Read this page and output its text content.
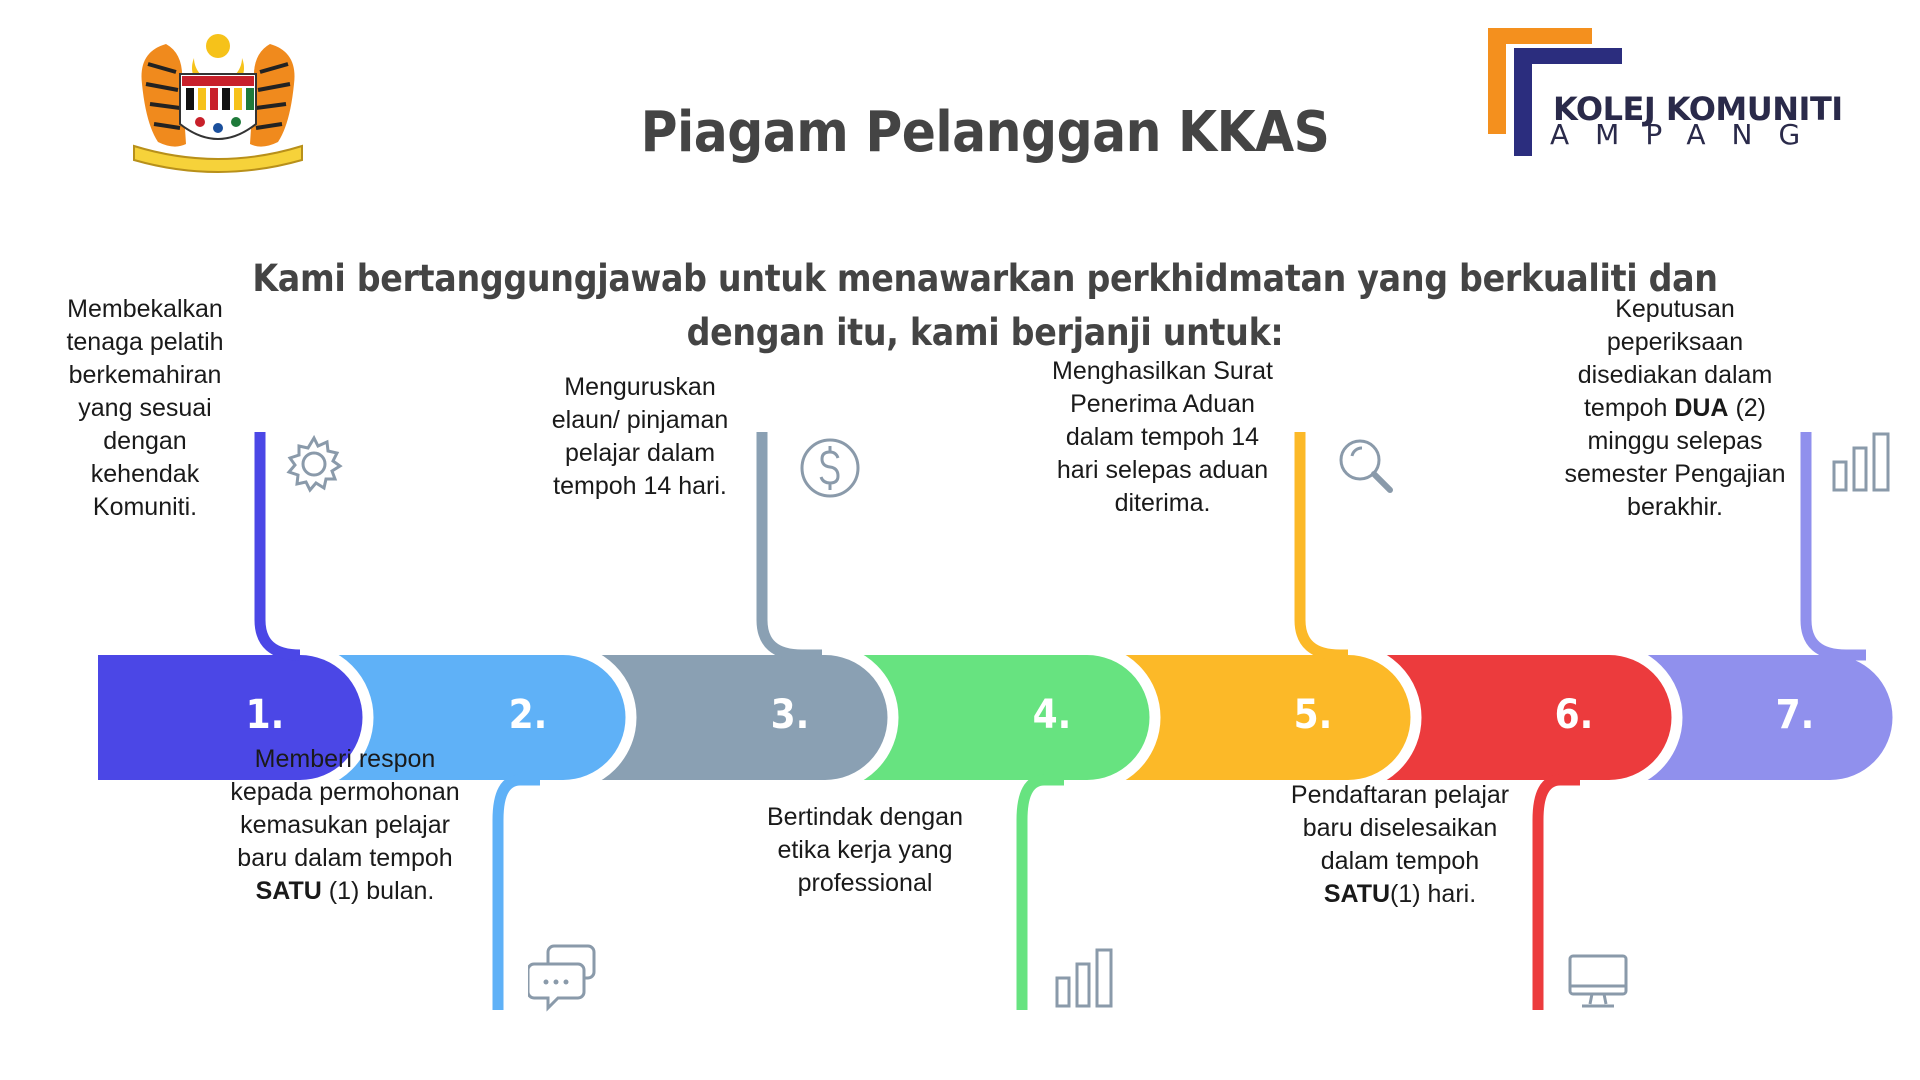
Piagam Pelanggan KKAS
Kami bertanggungjawab untuk menawarkan perkhidmatan yang berkualiti dan dengan itu, kami berjanji untuk:
KOLEJ KOMUNITI
AMPANG
1.
Membekalkan
tenaga pelatih
berkemahiran
yang sesuai
dengan
kehendak
Komuniti.
2.
Memberi respon
kepada permohonan
kemasukan pelajar
baru dalam tempoh
SATU (1) bulan.
3.
Menguruskan
elaun/ pinjaman
pelajar dalam
tempoh 14 hari.
4.
Bertindak dengan
etika kerja yang
professional
5.
Menghasilkan Surat
Penerima Aduan
dalam tempoh 14
hari selepas aduan
diterima.
6.
Pendaftaran pelajar
baru diselesaikan
dalam tempoh
SATU(1) hari.
7.
Keputusan
peperiksaan
disediakan dalam
tempoh DUA (2)
minggu selepas
semester Pengajian
berakhir.
